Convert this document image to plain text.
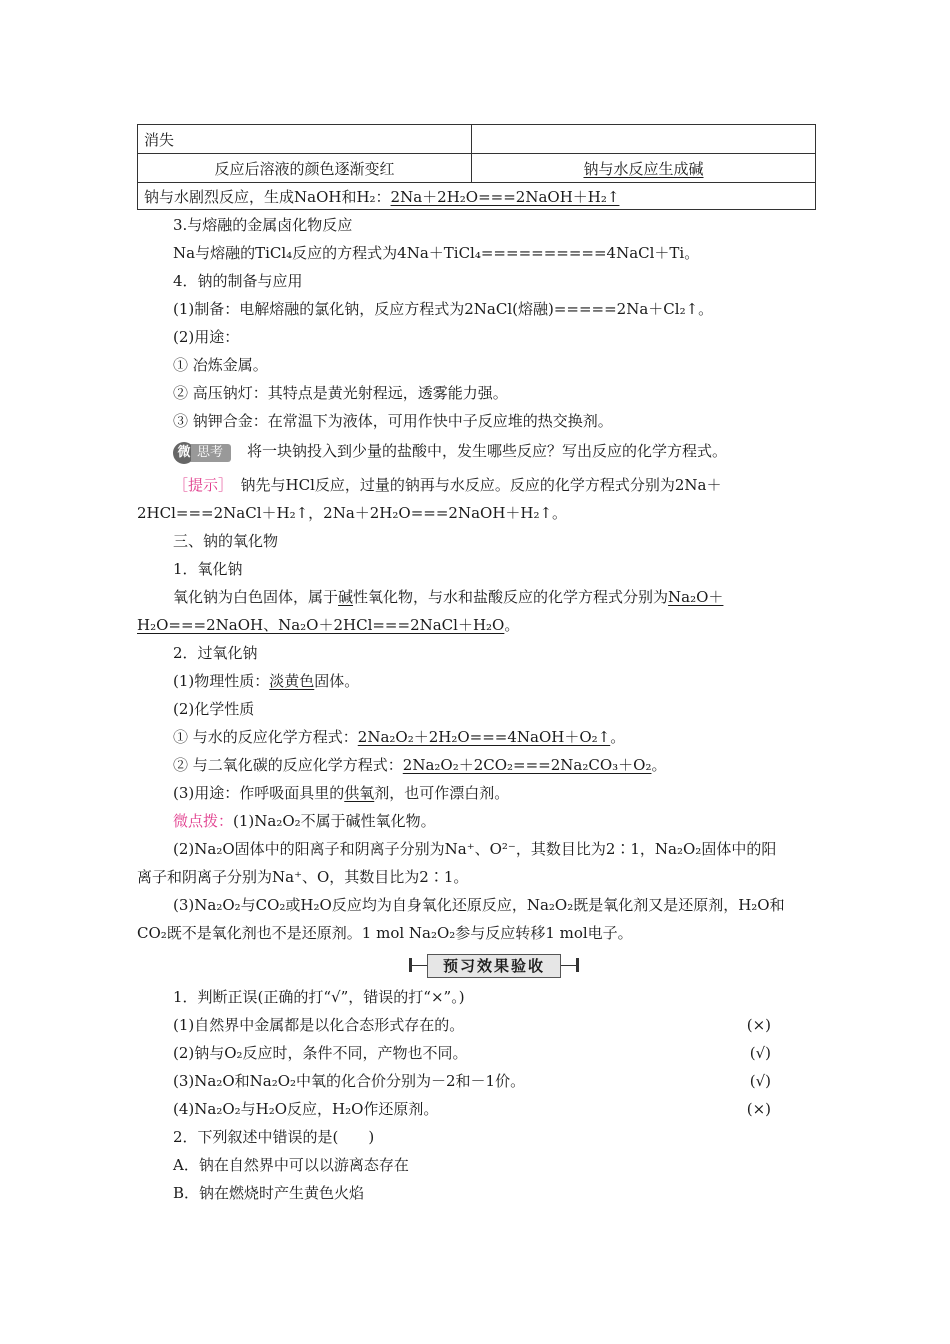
消失	
反应后溶液的颜色逐渐变红	钠与水反应生成碱
钠与水剧烈反应，生成NaOH和H₂：2Na＋2H₂O===2NaOH＋H₂↑	
3.与熔融的金属卤化物反应
Na与熔融的TiCl₄反应的方程式为4Na＋TiCl₄==========4NaCl＋Ti。
4．钠的制备与应用
(1)制备：电解熔融的氯化钠，反应方程式为2NaCl(熔融)=====2Na＋Cl₂↑。
(2)用途：
① 冶炼金属。
② 高压钠灯：其特点是黄光射程远，透雾能力强。
③ 钠钾合金：在常温下为液体，可用作快中子反应堆的热交换剂。
微 思考 将一块钠投入到少量的盐酸中，发生哪些反应？写出反应的化学方程式。
［提示］　 钠先与HCl反应，过量的钠再与水反应。反应的化学方程式分别为2Na＋
2HCl===2NaCl＋H₂↑，2Na＋2H₂O===2NaOH＋H₂↑。
三、钠的氧化物
1．氧化钠
氧化钠为白色固体，属于碱性氧化物，与水和盐酸反应的化学方程式分别为Na₂O＋
H₂O===2NaOH、Na₂O＋2HCl===2NaCl＋H₂O。
2．过氧化钠
(1)物理性质：淡黄色固体。
(2)化学性质
① 与水的反应化学方程式：2Na₂O₂＋2H₂O===4NaOH＋O₂↑。
② 与二氧化碳的反应化学方程式：2Na₂O₂＋2CO₂===2Na₂CO₃＋O₂。
(3)用途：作呼吸面具里的供氧剂，也可作漂白剂。
微点拨：(1)Na₂O₂不属于碱性氧化物。
(2)Na₂O固体中的阳离子和阴离子分别为Na⁺、O²⁻，其数目比为2∶1，Na₂O₂固体中的阳
离子和阴离子分别为Na⁺、O，其数目比为2∶1。
(3)Na₂O₂与CO₂或H₂O反应均为自身氧化还原反应，Na₂O₂既是氧化剂又是还原剂，H₂O和
CO₂既不是氧化剂也不是还原剂。1 mol Na₂O₂参与反应转移1 mol电子。
预习效果验收
1．判断正误(正确的打“√”，错误的打“×”。)
(1)自然界中金属都是以化合态形式存在的。	(×)
(2)钠与O₂反应时，条件不同，产物也不同。	(√)
(3)Na₂O和Na₂O₂中氧的化合价分别为－2和－1价。	(√)
(4)Na₂O₂与H₂O反应，H₂O作还原剂。	(×)
2．下列叙述中错误的是(　　)
A．钠在自然界中可以以游离态存在
B．钠在燃烧时产生黄色火焰
